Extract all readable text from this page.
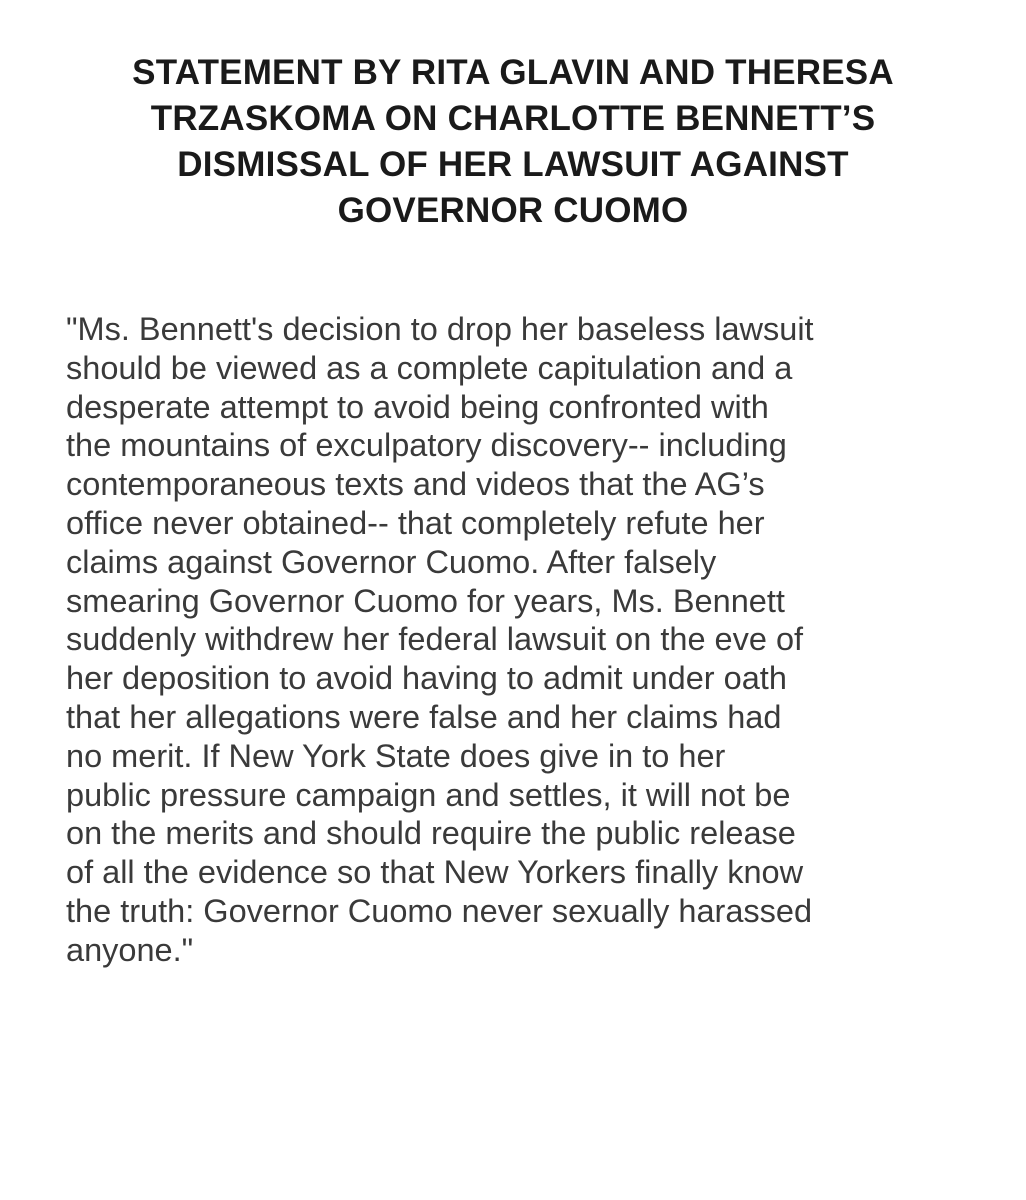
STATEMENT BY RITA GLAVIN AND THERESA
TRZASKOMA ON CHARLOTTE BENNETT’S
DISMISSAL OF HER LAWSUIT AGAINST
GOVERNOR CUOMO
"Ms. Bennett's decision to drop her baseless lawsuit
should be viewed as a complete capitulation and a
desperate attempt to avoid being confronted with
the mountains of exculpatory discovery-- including
contemporaneous texts and videos that the AG’s
office never obtained-- that completely refute her
claims against Governor Cuomo. After falsely
smearing Governor Cuomo for years, Ms. Bennett
suddenly withdrew her federal lawsuit on the eve of
her deposition to avoid having to admit under oath
that her allegations were false and her claims had
no merit. If New York State does give in to her
public pressure campaign and settles, it will not be
on the merits and should require the public release
of all the evidence so that New Yorkers finally know
the truth: Governor Cuomo never sexually harassed
anyone."
